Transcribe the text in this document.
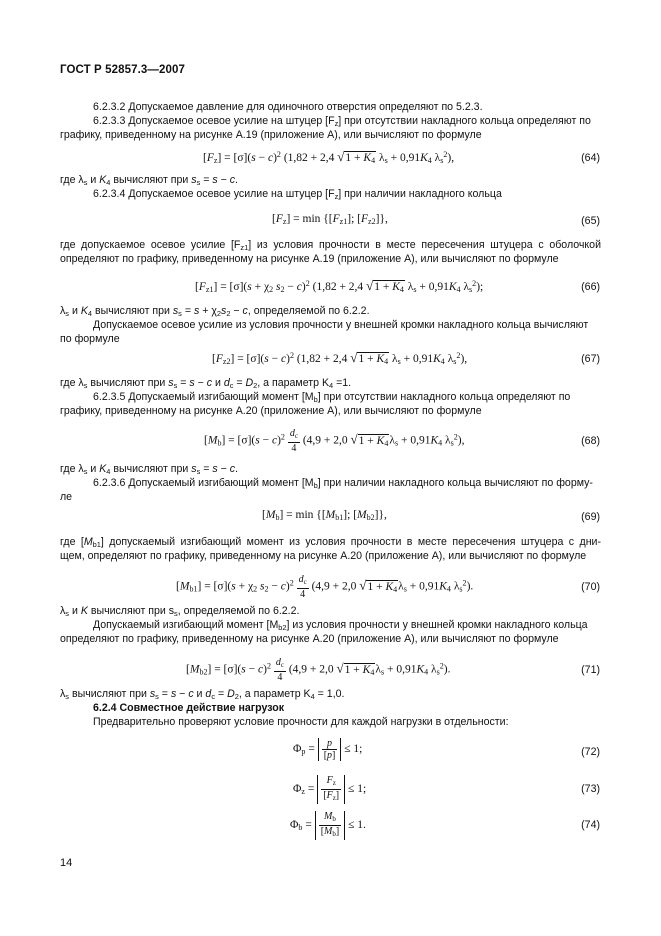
ГОСТ Р 52857.3—2007
6.2.3.2 Допускаемое давление для одиночного отверстия определяют по 5.2.3.
6.2.3.3 Допускаемое осевое усилие на штуцер $[F_z]$ при отсутствии накладного кольца определяют по
графику, приведенному на рисунке А.19 (приложение А), или вычисляют по формуле
$[F_z] = [\sigma](s - c)^2$ (1,82 + 2,4 $√1 + K_4$ $\lambda_s + 0,91K_4$ $\lambda_s^2$),	(64)
где $\lambda_s$ и $K_4$ вычисляют при $s_s = s - c$.
6.2.3.4 Допускаемое осевое усилие на штуцер $[F_z]$ при наличии накладного кольца
$[F_z] = \min \{[F_{z1}]$; $[F_{z2}]$},	(65)
где допускаемое осевое усилие $[F_{z1}]$ из условия прочности в месте пересечения штуцера с оболочкой
определяют по графику, приведенному на рисунке А.19 (приложение А), или вычисляют по формуле
$[F_{z1}] = [\sigma](s + \chi_2$ $s_2 - c)^2$ (1,82 + 2,4 $√1 + K_4$ $\lambda_s + 0,91K_4$ $\lambda_s^2$);	(66)
$\lambda_s$ и $K_4$ вычисляют при $s_s = s + \chi_2s_2 - c$, определяемой по 6.2.2.
Допускаемое осевое усилие из условия прочности у внешней кромки накладного кольца вычисляют
по формуле
$[F_{z2}] = [\sigma](s - c)^2$ (1,82 + 2,4 $√1 + K_4$ $\lambda_s + 0,91K_4$ $\lambda_s^2$),	(67)
где $\lambda_s$ вычисляют при $s_s = s - c$ и $d_c = D_2$, а параметр $K_4 =1$.
6.2.3.5 Допускаемый изгибающий момент $[M_b]$ при отсутствии накладного кольца определяют по
графику, приведенному на рисунке А.20 (приложение А), или вычисляют по формуле
$[M_b] = [\sigma](s - c)^2 \frac{d_c}{4} (4,9 + 2,0$ $√1 + K_4\lambda_s + 0,91K_4$ $\lambda_s^2$),	(68)
где $\lambda_s$ и $K_4$ вычисляют при $s_s = s - c$.
6.2.3.6 Допускаемый изгибающий момент $[M_b]$ при наличии накладного кольца вычисляют по форму-
ле
$[M_b] = \min \{[M_{b1}]$; $[M_{b2}]$},	(69)
где $[M_{b1}]$ допускаемый изгибающий момент из условия прочности в месте пересечения штуцера с дни-
щем, определяют по графику, приведенному на рисунке А.20 (приложение А), или вычисляют по формуле
$[M_{b1}] = [\sigma](s + \chi_2$ $s_2 - c)^2 \frac{d_c}{4} (4,9 + 2,0$ $√1 + K_4\lambda_s + 0,91K_4$ $\lambda_s^2$).	(70)
$\lambda_s$ и K вычисляют при $s_s$, определяемой по 6.2.2.
Допускаемый изгибающий момент $[M_{b2}]$ из условия прочности у внешней кромки накладного кольца
определяют по графику, приведенному на рисунке А.20 (приложение А), или вычисляют по формуле
$[M_{b2}] = [\sigma](s - c)^2 \frac{d_c}{4} (4,9 + 2,0$ $√1 + K_4\lambda_s + 0,91K_4$ $\lambda_s^2$).	(71)
$\lambda_s$ вычисляют при $s_s = s - c$ и $d_c = D_2$, а параметр $K_4 = 1,0$.
6.2.4 Совместное действие нагрузок
Предварительно проверяют условие прочности для каждой нагрузки в отдельности:
$\Phi_p = \frac{p}{[p]} \le 1$;	(72)
$\Phi_z = \frac{F_z}{[F_z]} \le 1$;	(73)
$\Phi_b = \frac{M_b}{[M_b]} \le 1$.	(74)
14
